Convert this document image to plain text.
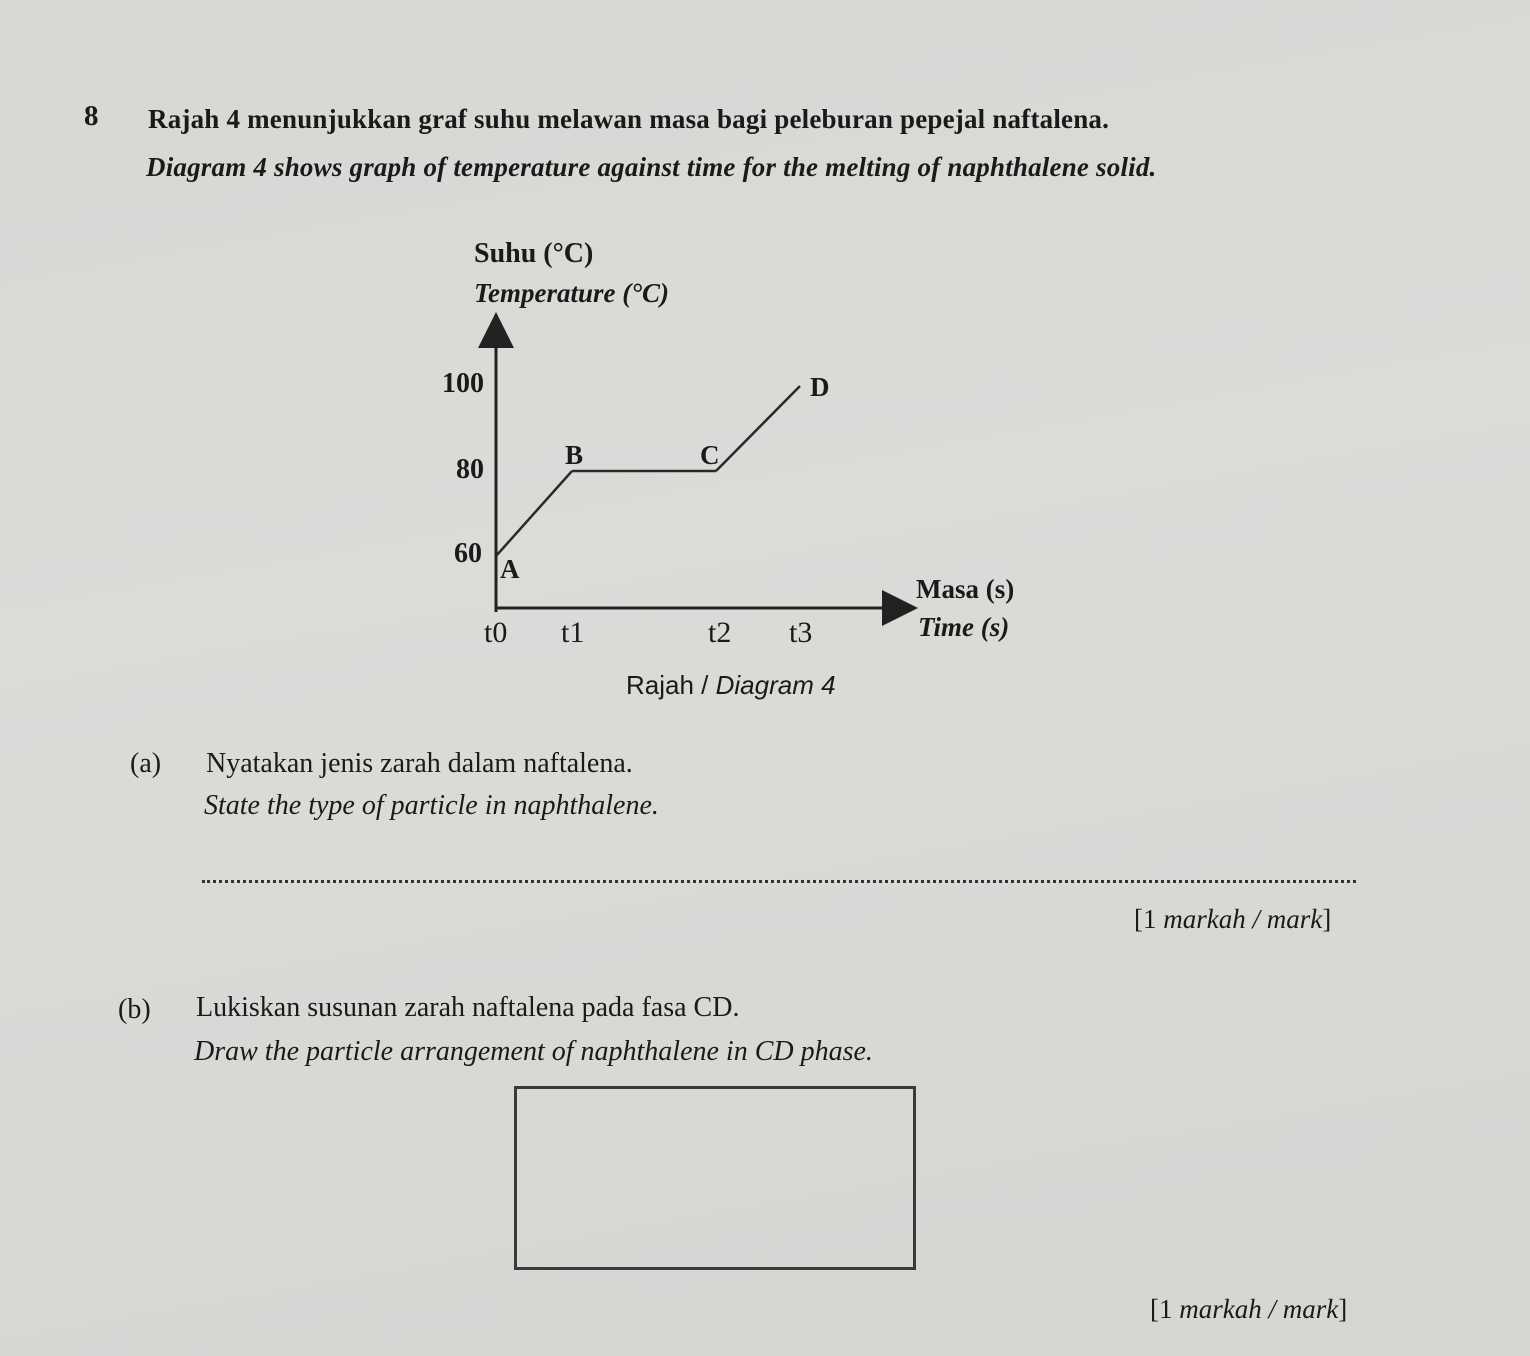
8 Rajah 4 menunjukkan graf suhu melawan masa bagi peleburan pepejal naftalena.
Diagram 4 shows graph of temperature against time for the melting of naphthalene solid.
Suhu (°C)
Temperature (°C)
100
80
60 A
B	C
D
t0 t1	t2 t3
Masa (s)
Time (s)
Rajah / Diagram 4
(a) Nyatakan jenis zarah dalam naftalena.
State the type of particle in naphthalene.
[1 markah / mark]
(b) Lukiskan susunan zarah naftalena pada fasa CD.
Draw the particle arrangement of naphthalene in CD phase.
[1 markah / mark]
